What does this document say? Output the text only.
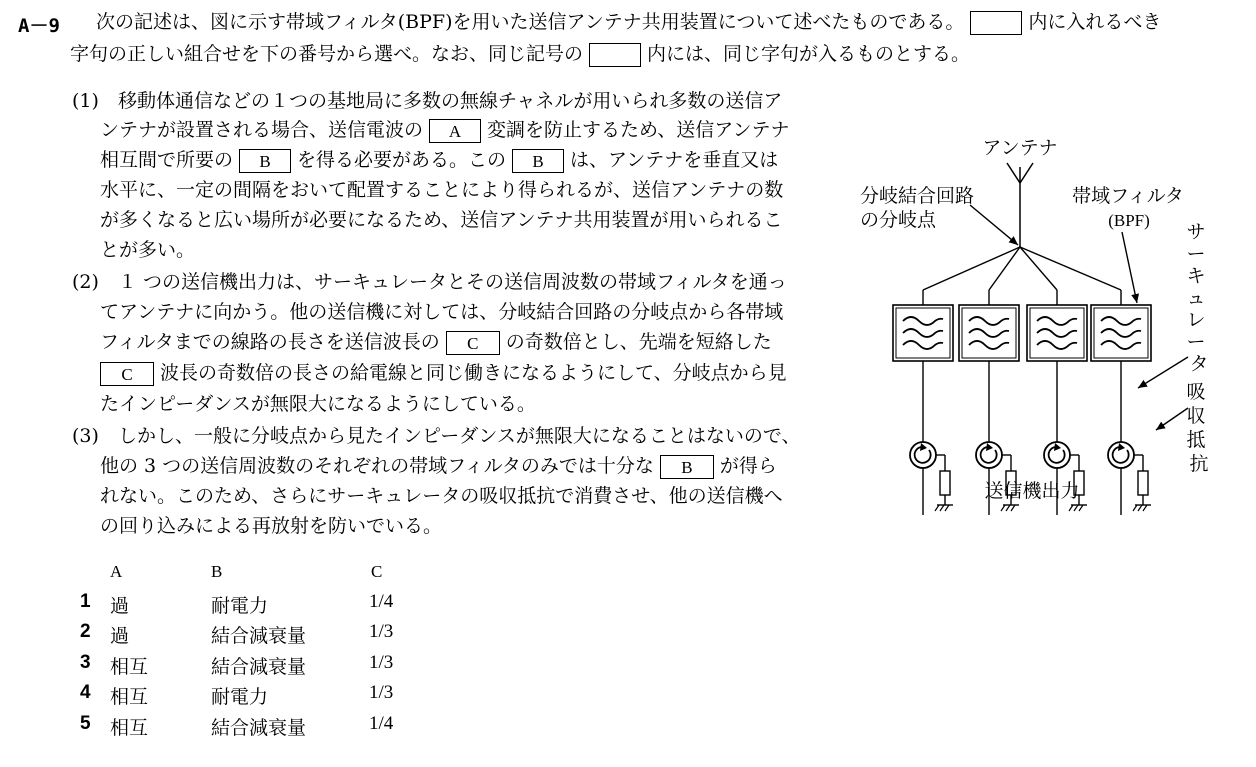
A－9 次の記述は、図に示す帯域フィルタ(BPF)を用いた送信アンテナ共用装置について述べたものである。	内に入れるべき
字句の正しい組合せを下の番号から選べ。なお、同じ記号の	内には、同じ字句が入るものとする。
(1) 移動体通信などの１つの基地局に多数の無線チャネルが用いられ多数の送信ア
ンテナが設置される場合、送信電波の A 変調を防止するため、送信アンテナ
相互間で所要の B を得る必要がある。この B は、アンテナを垂直又は
水平に、一定の間隔をおいて配置することにより得られるが、送信アンテナの数
が多くなると広い場所が必要になるため、送信アンテナ共用装置が用いられるこ
とが多い。
(2) １ つの送信機出力は、サーキュレータとその送信周波数の帯域フィルタを通っ
てアンテナに向かう。他の送信機に対しては、分岐結合回路の分岐点から各帯域
フィルタまでの線路の長さを送信波長の C の奇数倍とし、先端を短絡した
C 波長の奇数倍の長さの給電線と同じ働きになるようにして、分岐点から見
たインピーダンスが無限大になるようにしている。
(3) しかし、一般に分岐点から見たインピーダンスが無限大になることはないので、
他の 3 つの送信周波数のそれぞれの帯域フィルタのみでは十分な B が得ら
れない。このため、さらにサーキュレータの吸収抵抗で消費させ、他の送信機へ
の回り込みによる再放射を防いでいる。
A	B	C
1 過	耐電力	1/4
2 過	結合減衰量	1/3
3 相互	結合減衰量	1/3
4 相互	耐電力	1/3
5 相互	結合減衰量	1/4
アンテナ
分岐結合回路
の分岐点
帯域フィルタ
(BPF)
サ ー キ ュ レ ー タ
吸 収 抵 抗
送信機出力
